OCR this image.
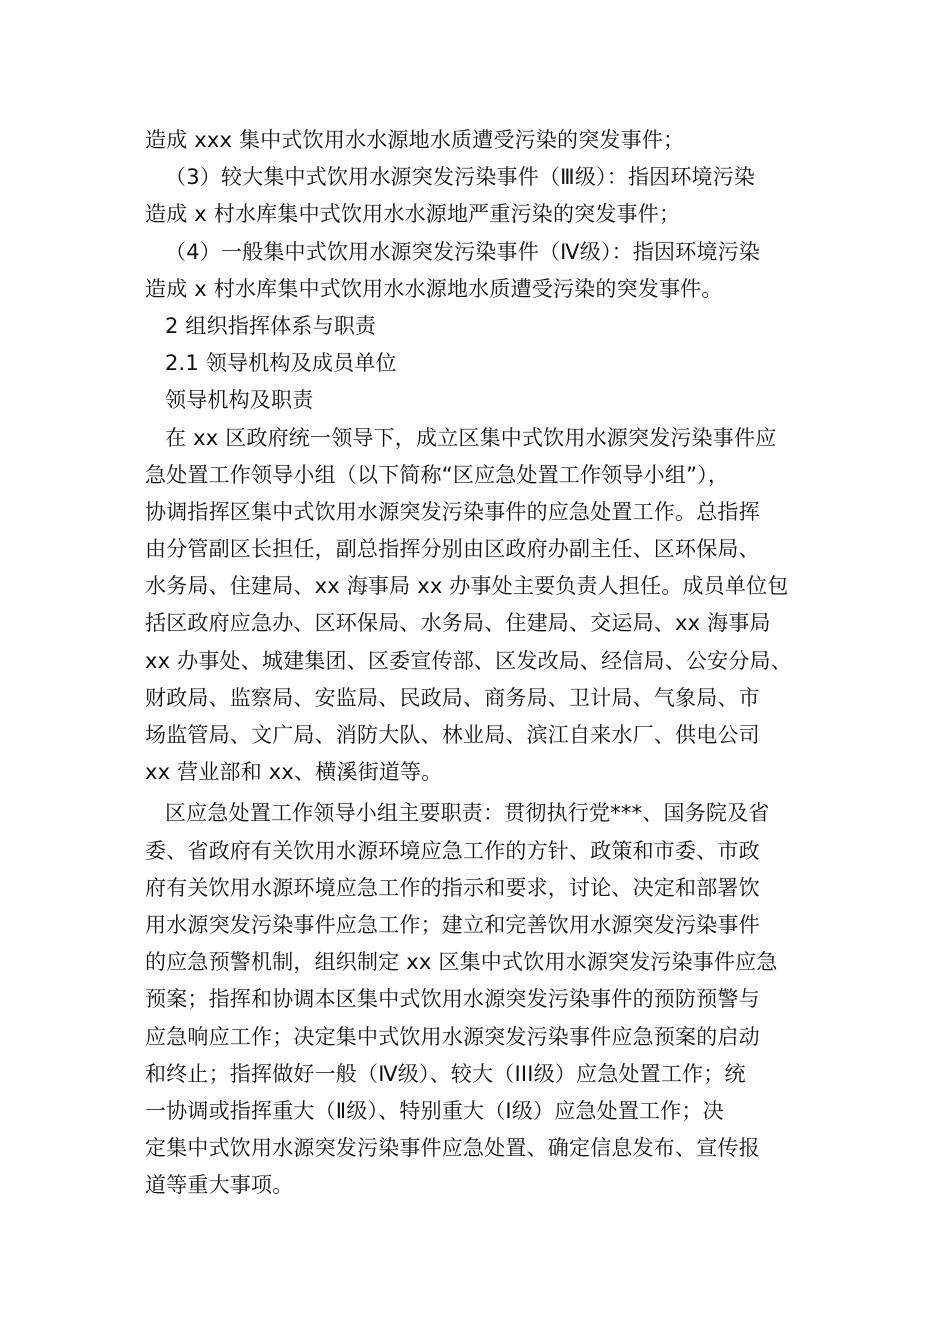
造成 xxx 集中式饮用水水源地水质遭受污染的突发事件；
（3）较大集中式饮用水源突发污染事件（Ⅲ级）：指因环境污染
造成 x 村水库集中式饮用水水源地严重污染的突发事件；
（4）一般集中式饮用水源突发污染事件（Ⅳ级）：指因环境污染
造成 x 村水库集中式饮用水水源地水质遭受污染的突发事件。
2 组织指挥体系与职责
2.1 领导机构及成员单位
领导机构及职责
在 xx 区政府统一领导下，成立区集中式饮用水源突发污染事件应
急处置工作领导小组（以下简称“区应急处置工作领导小组”），
协调指挥区集中式饮用水源突发污染事件的应急处置工作。总指挥
由分管副区长担任，副总指挥分别由区政府办副主任、区环保局、
水务局、住建局、xx 海事局 xx 办事处主要负责人担任。成员单位包
括区政府应急办、区环保局、水务局、住建局、交运局、xx 海事局
xx 办事处、城建集团、区委宣传部、区发改局、经信局、公安分局、
财政局、监察局、安监局、民政局、商务局、卫计局、气象局、市
场监管局、文广局、消防大队、林业局、滨江自来水厂、供电公司
xx 营业部和 xx、横溪街道等。
区应急处置工作领导小组主要职责：贯彻执行党***、国务院及省
委、省政府有关饮用水源环境应急工作的方针、政策和市委、市政
府有关饮用水源环境应急工作的指示和要求，讨论、决定和部署饮
用水源突发污染事件应急工作；建立和完善饮用水源突发污染事件
的应急预警机制，组织制定 xx 区集中式饮用水源突发污染事件应急
预案；指挥和协调本区集中式饮用水源突发污染事件的预防预警与
应急响应工作；决定集中式饮用水源突发污染事件应急预案的启动
和终止；指挥做好一般（Ⅳ级）、较大（III级）应急处置工作；统
一协调或指挥重大（Ⅱ级）、特别重大（Ⅰ级）应急处置工作；决
定集中式饮用水源突发污染事件应急处置、确定信息发布、宣传报
道等重大事项。
